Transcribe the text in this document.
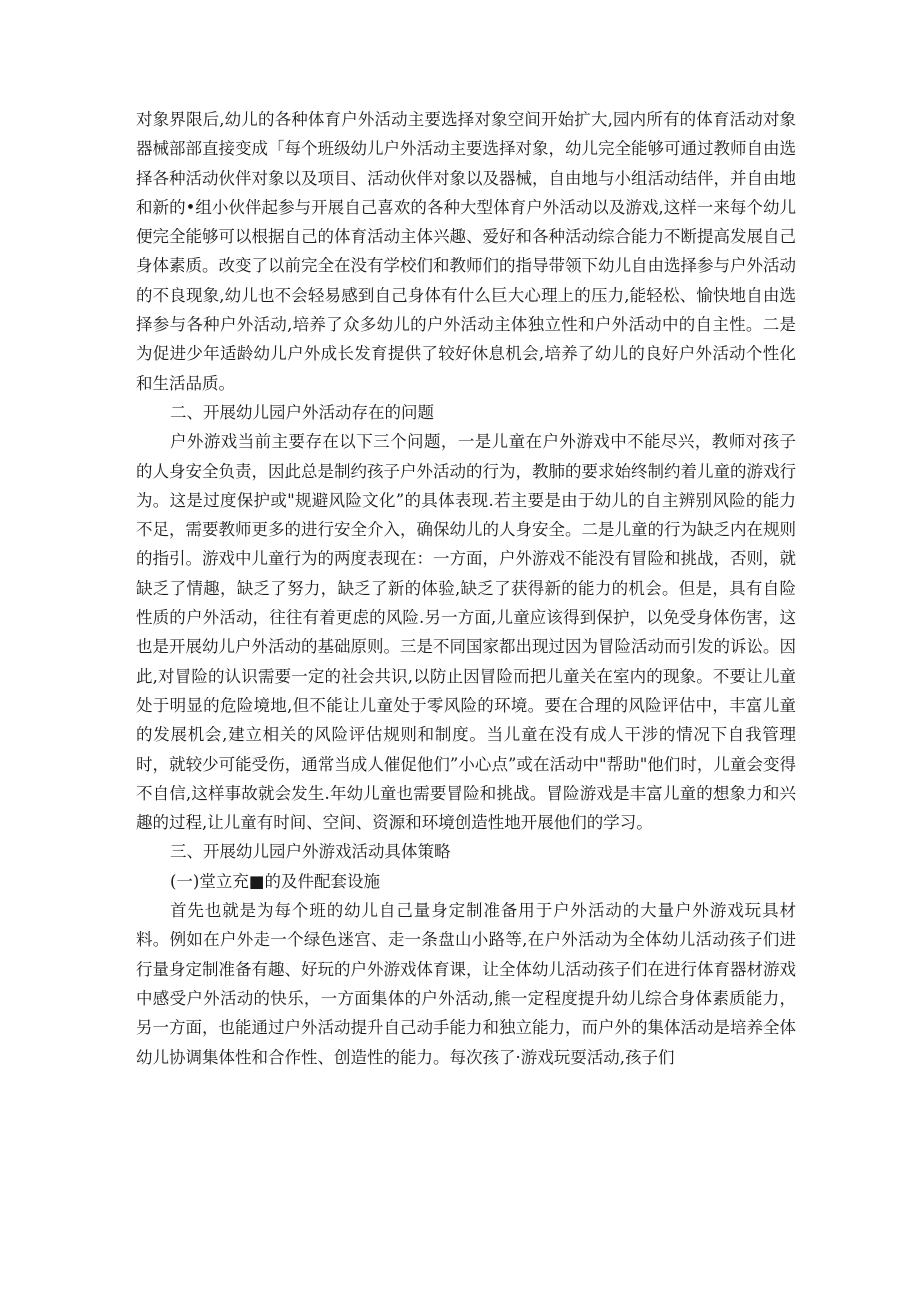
对象界限后,幼儿的各种体育户外活动主要选择对象空间开始扩大,园内所有的体育活动对象器械部部直接变成「每个班级幼儿户外活动主要选择对象，幼儿完全能够可通过教师自由选择各种活动伙伴对象以及项目、活动伙伴对象以及器械，自由地与小组活动结伴，并自由地和新的•组小伙伴起参与开展自己喜欢的各种大型体育户外活动以及游戏,这样一来每个幼儿便完全能够可以根据自己的体育活动主体兴趣、爱好和各种活动综合能力不断提高发展自己身体素质。改变了以前完全在没有学校们和教师们的指导带领下幼儿自由选择参与户外活动的不良现象,幼儿也不会轻易感到自己身体有什么巨大心理上的压力,能轻松、愉快地自由选择参与各种户外活动,培养了众多幼儿的户外活动主体独立性和户外活动中的自主性。二是为促进少年适龄幼儿户外成长发育提供了较好休息机会,培养了幼儿的良好户外活动个性化和生活品质。

二、开展幼儿园户外活动存在的问题

户外游戏当前主要存在以下三个问题，一是儿童在户外游戏中不能尽兴，教师对孩子的人身安全负责，因此总是制约孩子户外活动的行为，教肺的要求始终制约着儿童的游戏行为。这是过度保护或"规避风险文化”的具体表现.若主要是由于幼儿的自主辨别风险的能力不足，需要教师更多的进行安全介入，确保幼儿的人身安全。二是儿童的行为缺乏内在规则的指引。游戏中儿童行为的两度表现在：一方面，户外游戏不能没有冒险和挑战，否则，就缺乏了情趣，缺乏了努力，缺乏了新的体验,缺乏了获得新的能力的机会。但是，具有自险性质的户外活动，往往有着更虑的风险.另一方面,儿童应该得到保护，以免受身体伤害，这也是开展幼儿户外活动的基础原则。三是不同国家都出现过因为冒险活动而引发的诉讼。因此,对冒险的认识需要一定的社会共识,以防止因冒险而把儿童关在室内的现象。不要让儿童处于明显的危险境地,但不能让儿童处于零风险的环境。要在合理的风险评估中，丰富儿童的发展机会,建立相关的风险评估规则和制度。当儿童在没有成人干涉的情况下自我管理时，就较少可能受伤，通常当成人催促他们”小心点”或在活动中"帮助"他们时，儿童会变得不自信,这样事故就会发生.年幼儿童也需要冒险和挑战。冒险游戏是丰富儿童的想象力和兴趣的过程,让儿童有时间、空间、资源和环境创造性地开展他们的学习。

三、开展幼儿园户外游戏活动具体策略

(一)堂立充■的及件配套设施

首先也就是为每个班的幼儿自己量身定制准备用于户外活动的大量户外游戏玩具材料。例如在户外走一个绿色迷宫、走一条盘山小路等,在户外活动为全体幼儿活动孩子们进行量身定制准备有趣、好玩的户外游戏体育课，让全体幼儿活动孩子们在进行体育器材游戏中感受户外活动的快乐，一方面集体的户外活动,熊一定程度提升幼儿综合身体素质能力，另一方面，也能通过户外活动提升自己动手能力和独立能力，而户外的集体活动是培养全体幼儿协调集体性和合作性、创造性的能力。每次孩了·游戏玩耍活动,孩子们
